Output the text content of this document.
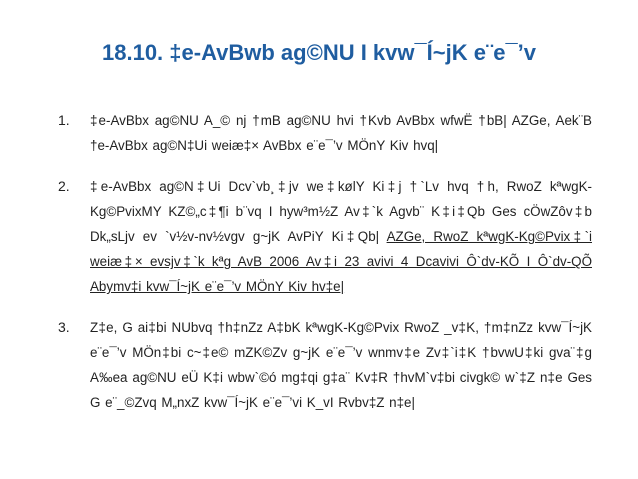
18.10. ‡e-AvBwb ag©NU I kvw¯Í~jK e¨e¯’v
1. ‡e-AvBbx ag©NU A_© nj †mB ag©NU hvi †Kvb AvBbx wfwË †bB| AZGe, Aek¨B †e-AvBbx ag©N‡Ui weiæ‡× AvBbx e¨e¯’v MÖnY Kiv hvq|
2. ‡e-AvBbx ag©N‡Ui Dcv`vb¸‡jv we‡kølY Ki‡j †`Lv hvq †h, RwoZ kªwgK-Kg©PvixMY KZ©„c‡¶i b¨vq I hyw³m½Z Av‡`k Agvb¨ K‡i‡Qb Ges cÖwZôv‡b Dk„sLjv ev `v½v-nv½vgv g~jK AvPiY Ki‡Qb| AZGe, RwoZ kªwgK-Kg©Pvix‡`i weiæ‡× evsjv‡`k kªg AvB 2006 Av‡i 23 avivi 4 Dcavivi Ô`dv-KÕ I Ô`dv-QÕ Abymv‡i kvw¯Í~jK e¨e¯’v MÖnY Kiv hv‡e|
3. Z‡e, G ai‡bi NUbvq †h‡nZz A‡bK kªwgK-Kg©Pvix RwoZ _v‡K, †m‡nZz kvw¯Í~jK e¨e¯’v MÖn‡bi c~‡e© mZK©Zv g~jK e¨e¯’v wnmv‡e Zv‡`i‡K †bvwU‡ki gva¨‡g A‰ea ag©NU eÜ K‡i wbw`©ó mg‡qi g‡a¨ Kv‡R †hvM`v‡bi civgk© w`‡Z n‡e Ges G e¨_©Zvq M„nxZ kvw¯Í~jK e¨e¯’vi K_vI Rvbv‡Z n‡e|
